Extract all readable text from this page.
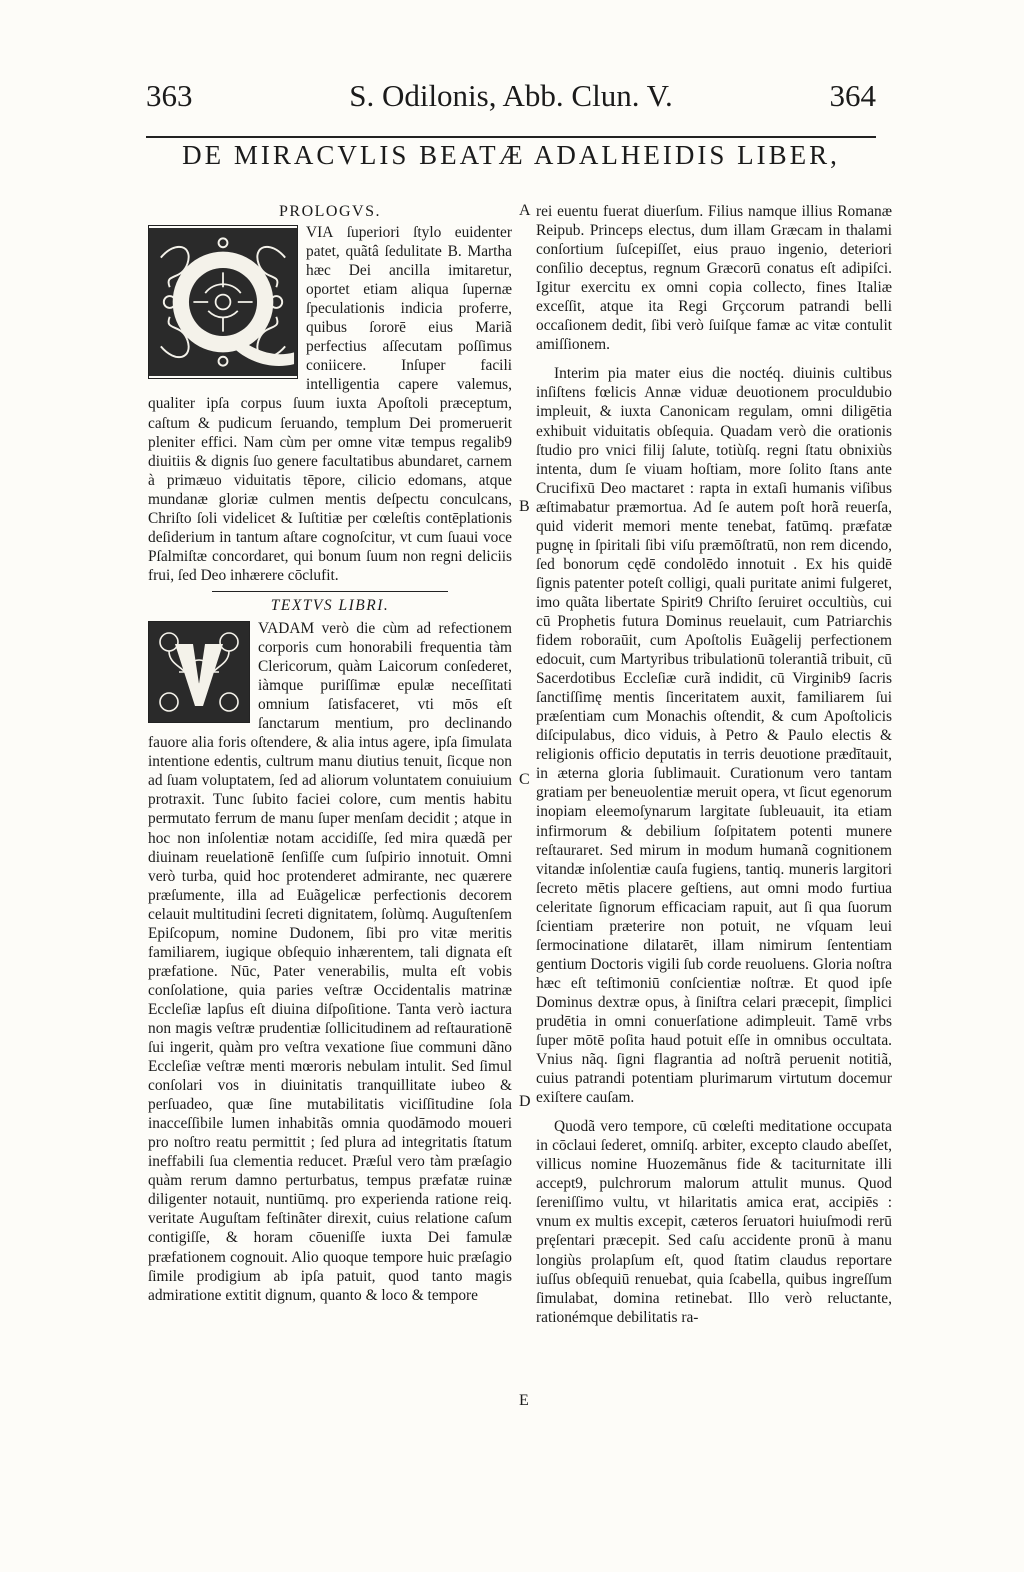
363	S. Odilonis, Abb. Clun. V.	364
DE MIRACVLIS BEATÆ ADALHEIDIS LIBER,
A
B
C
D
E
PROLOGVS.

VIA ſuperiori ſtylo euidenter patet, quãtâ ſedulitate B. Martha hæc Dei ancilla imitaretur, oportet etiam aliqua ſupernæ ſpeculationis indicia proferre, quibus ſororē eius Mariã perfectius aſſecutam poſſimus coniicere. Inſuper facili intelligentia capere valemus, qualiter ipſa corpus ſuum iuxta Apoſtoli præceptum, caſtum & pudicum ſeruando, templum Dei promeruerit pleniter effici. Nam cùm per omne vitæ tempus regalib9 diuitiis & dignis ſuo genere facultatibus abundaret, carnem à primæuo viduitatis tēpore, cilicio edomans, atque mundanæ gloriæ culmen mentis deſpectu conculcans, Chriſto ſoli videlicet & Iuſtitiæ per cœleſtis contēplationis deſiderium in tantum aſtare cognoſcitur, vt cum ſuaui voce Pſalmiſtæ concordaret, qui bonum ſuum non regni deliciis frui, ſed Deo inhærere cōclufit.

TEXTVS LIBRI.

VADAM verò die cùm ad refectionem corporis cum honorabili frequentia tàm Clericorum, quàm Laicorum conſederet, iàmque puriſſimæ epulæ neceſſitati omnium ſatisfaceret, vti mōs eſt ſanctarum mentium, pro declinando fauore alia foris oſtendere, & alia intus agere, ipſa ſimulata intentione edentis, cultrum manu diutius tenuit, ſicque non ad ſuam voluptatem, ſed ad aliorum voluntatem conuiuium protraxit. Tunc ſubito faciei colore, cum mentis habitu permutato ferrum de manu ſuper menſam decidit ; atque in hoc non inſolentiæ notam accidiſſe, ſed mira quædã per diuinam reuelationē ſenſiſſe cum ſuſpirio innotuit. Omni verò turba, quid hoc protenderet admirante, nec quærere præſumente, illa ad Euãgelicæ perfectionis decorem celauit multitudini ſecreti dignitatem, ſolùmq. Auguſtenſem Epiſcopum, nomine Dudonem, ſibi pro vitæ meritis familiarem, iugique obſequio inhærentem, tali dignata eſt præfatione. Nūc, Pater venerabilis, multa eſt vobis conſolatione, quia paries veſtræ Occidentalis matrinæ Eccleſiæ lapſus eſt diuina diſpoſitione. Tanta verò iactura non magis veſtræ prudentiæ ſollicitudinem ad reſtaurationē ſui ingerit, quàm pro veſtra vexatione ſiue communi dãno Eccleſiæ veſtræ menti mœroris nebulam intulit. Sed ſimul conſolari vos in diuinitatis tranquillitate iubeo & perſuadeo, quæ ſine mutabilitatis viciſſitudine ſola inacceſſibile lumen inhabitãs omnia quodāmodo moueri pro noſtro reatu permittit ; ſed plura ad integritatis ſtatum ineffabili ſua clementia reducet. Præſul vero tàm præſagio quàm rerum damno perturbatus, tempus præfatæ ruinæ diligenter notauit, nuntiūmq. pro experienda ratione reiq. veritate Auguſtam feſtinãter direxit, cuius relatione caſum contigiſſe, & horam cōueniſſe iuxta Dei famulæ præfationem cognouit. Alio quoque tempore huic præſagio ſimile prodigium ab ipſa patuit, quod tanto magis admiratione extitit dignum, quanto & loco & tempore

rei euentu fuerat diuerſum. Filius namque illius Romanæ Reipub. Princeps electus, dum illam Græcam in thalami conſortium ſuſcepiſſet, eius prauo ingenio, deteriori conſilio deceptus, regnum Græcorū conatus eſt adipiſci. Igitur exercitu ex omni copia collecto, fines Italiæ exceſſit, atque ita Regi Grçcorum patrandi belli occaſionem dedit, ſibi verò ſuiſque famæ ac vitæ contulit amiſſionem.

Interim pia mater eius die noctéq. diuinis cultibus inſiſtens fœlicis Annæ viduæ deuotionem proculdubio impleuit, & iuxta Canonicam regulam, omni diligētia exhibuit viduitatis obſequia. Quadam verò die orationis ſtudio pro vnici filij ſalute, totiùſq. regni ſtatu obnixiùs intenta, dum ſe viuam hoſtiam, more ſolito ſtans ante Crucifixū Deo mactaret : rapta in extaſi humanis viſibus æſtimabatur præmortua. Ad ſe autem poſt horã reuerſa, quid viderit memori mente tenebat, fatūmq. præfatæ pugnę in ſpiritali ſibi viſu præmōſtratū, non rem dicendo, ſed bonorum cędē condolēdo innotuit . Ex his quidē ſignis patenter poteſt colligi, quali puritate animi fulgeret, imo quãta libertate Spirit9 Chriſto ſeruiret occultiùs, cui cū Prophetis futura Dominus reuelauit, cum Patriarchis fidem roboraūit, cum Apoſtolis Euãgelij perfectionem edocuit, cum Martyribus tribulationū tolerantiã tribuit, cū Sacerdotibus Eccleſiæ curã indidit, cū Virginib9 ſacris ſanctiſſimę mentis ſinceritatem auxit, familiarem ſui præſentiam cum Monachis oſtendit, & cum Apoſtolicis diſcipulabus, dico viduis, à Petro & Paulo electis & religionis officio deputatis in terris deuotione prædītauit, in æterna gloria ſublimauit. Curationum vero tantam gratiam per beneuolentiæ meruit opera, vt ſicut egenorum inopiam eleemoſynarum largitate ſubleuauit, ita etiam infirmorum & debilium ſoſpitatem potenti munere reſtauraret. Sed mirum in modum humanã cognitionem vitandæ inſolentiæ cauſa fugiens, tantiq. muneris largitori ſecreto mētis placere geſtiens, aut omni modo furtiua celeritate ſignorum efficaciam rapuit, aut ſi qua ſuorum ſcientiam præterire non potuit, ne vſquam leui ſermocinatione dilatarēt, illam nimirum ſententiam gentium Doctoris vigili ſub corde reuoluens. Gloria noſtra hæc eſt teſtimoniū conſcientiæ noſtræ. Et quod ipſe Dominus dextræ opus, à ſiniſtra celari præcepit, ſimplici prudētia in omni conuerſatione adimpleuit. Tamē vrbs ſuper mōtē poſita haud potuit eſſe in omnibus occultata. Vnius nãq. ſigni flagrantia ad noſtrã peruenit notitiã, cuius patrandi potentiam plurimarum virtutum docemur exiſtere cauſam.

Quodã vero tempore, cū cœleſti meditatione occupata in cōclaui ſederet, omniſq. arbiter, excepto claudo abeſſet, villicus nomine Huozemãnus fide & taciturnitate illi accept9, pulchrorum malorum attulit munus. Quod ſereniſſimo vultu, vt hilaritatis amica erat, accipiēs : vnum ex multis excepit, cæteros ſeruatori huiuſmodi rerū pręſentari præcepit. Sed caſu accidente pronū à manu longiùs prolapſum eſt, quod ſtatim claudus reportare iuſſus obſequiū renuebat, quia ſcabella, quibus ingreſſum ſimulabat, domina retinebat. Illo verò reluctante, rationémque debilitatis ra-
